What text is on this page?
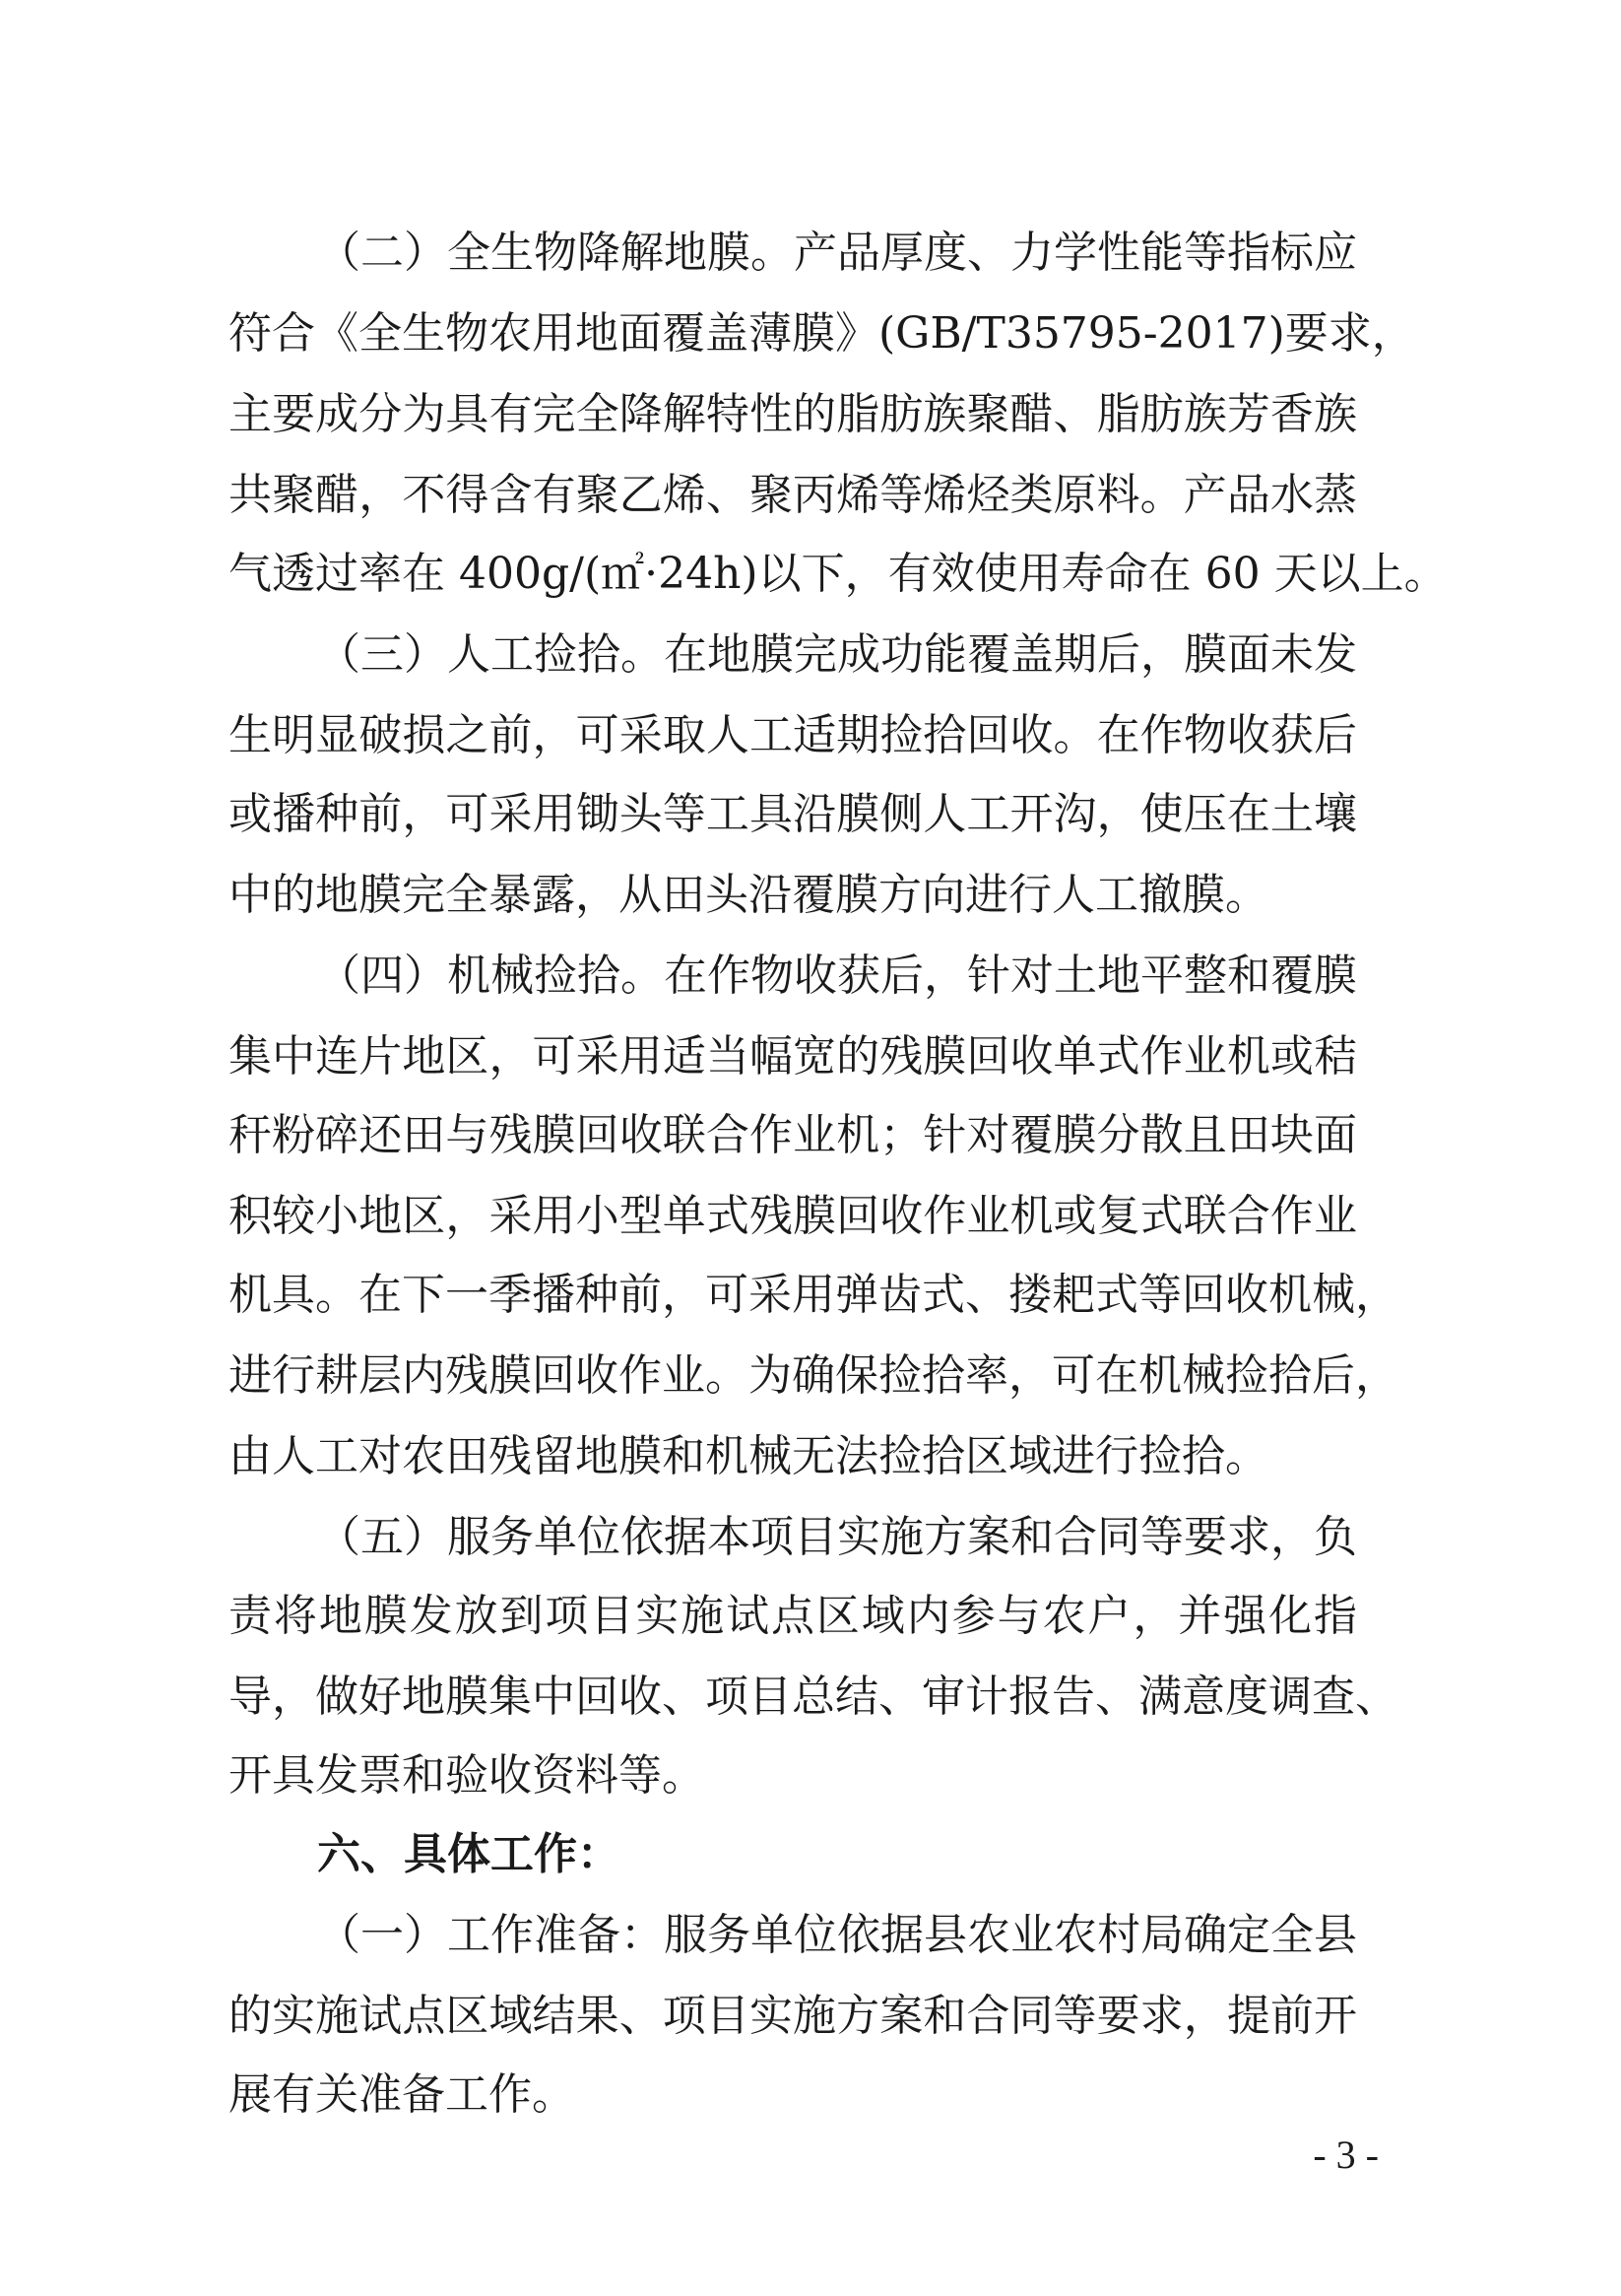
（二）全生物降解地膜。产品厚度、力学性能等指标应
符合《全生物农用地面覆盖薄膜》(GB/T35795-2017)要求，
主要成分为具有完全降解特性的脂肪族聚醋、脂肪族芳香族
共聚醋，不得含有聚乙烯、聚丙烯等烯烃类原料。产品水蒸
气透过率在 400g/(㎡·24h)以下，有效使用寿命在 60 天以上。
（三）人工捡拾。在地膜完成功能覆盖期后，膜面未发
生明显破损之前，可采取人工适期捡拾回收。在作物收获后
或播种前，可采用锄头等工具沿膜侧人工开沟，使压在土壤
中的地膜完全暴露，从田头沿覆膜方向进行人工撤膜。
（四）机械捡拾。在作物收获后，针对土地平整和覆膜
集中连片地区，可采用适当幅宽的残膜回收单式作业机或秸
秆粉碎还田与残膜回收联合作业机；针对覆膜分散且田块面
积较小地区，采用小型单式残膜回收作业机或复式联合作业
机具。在下一季播种前，可采用弹齿式、搂耙式等回收机械，
进行耕层内残膜回收作业。为确保捡拾率，可在机械捡拾后，
由人工对农田残留地膜和机械无法捡拾区域进行捡拾。
（五）服务单位依据本项目实施方案和合同等要求，负
责将地膜发放到项目实施试点区域内参与农户，并强化指
导，做好地膜集中回收、项目总结、审计报告、满意度调查、
开具发票和验收资料等。
六、具体工作：
（一）工作准备：服务单位依据县农业农村局确定全县
的实施试点区域结果、项目实施方案和合同等要求，提前开
展有关准备工作。
- 3 -
